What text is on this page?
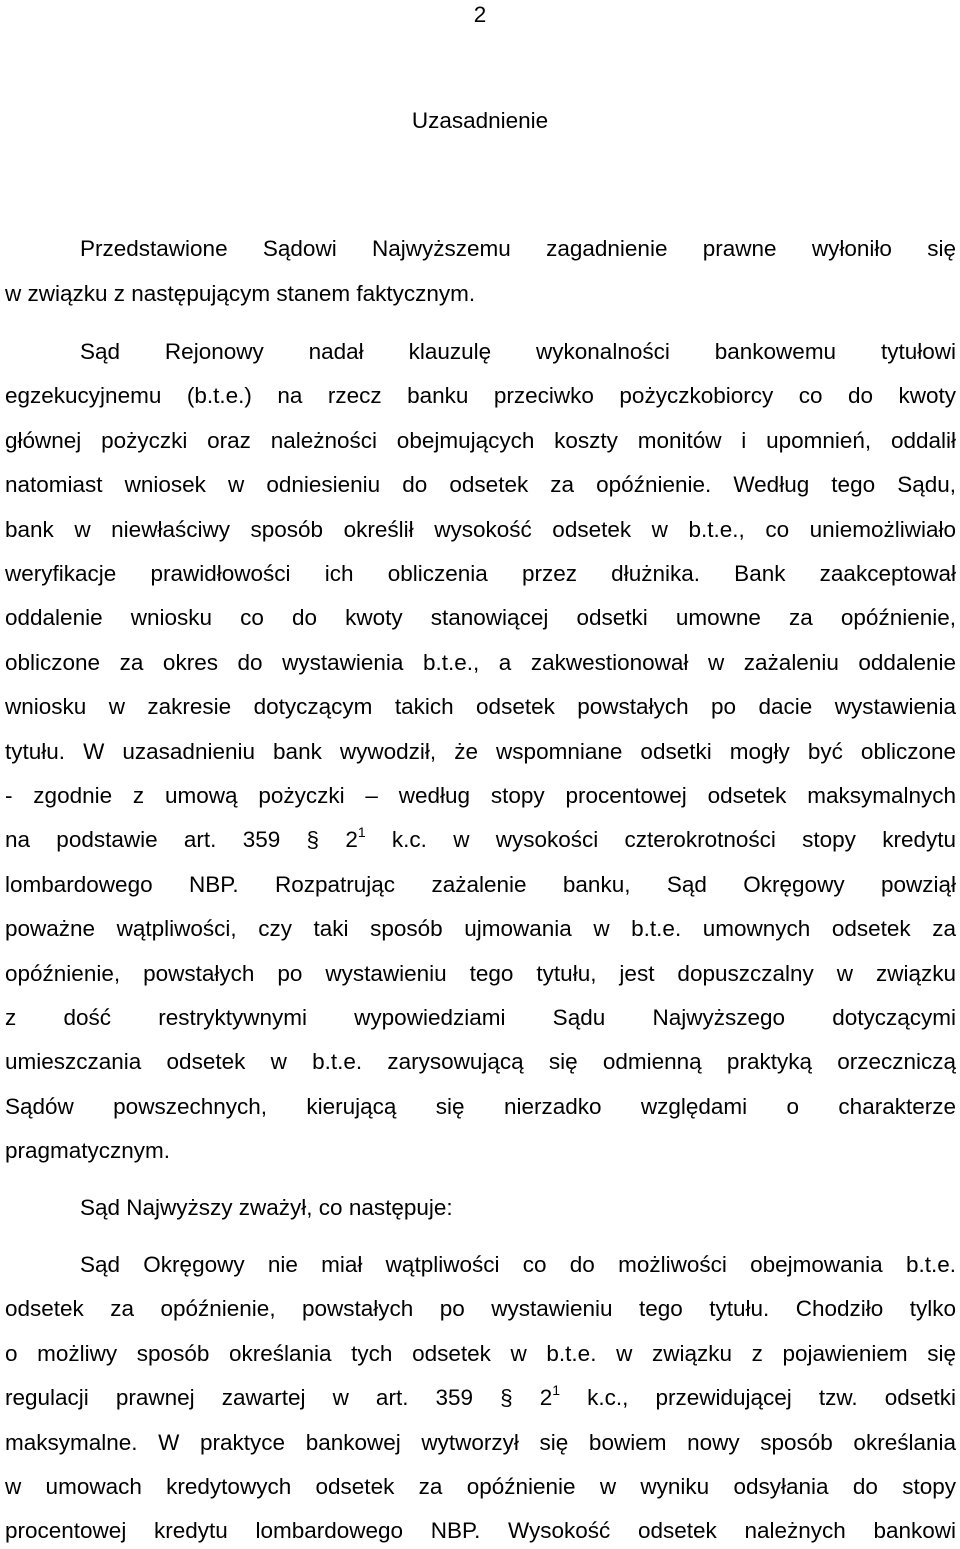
2
Uzasadnienie
Przedstawione Sądowi Najwyższemu zagadnienie prawne wyłoniło się
w związku z następującym stanem faktycznym.
Sąd Rejonowy nadał klauzulę wykonalności bankowemu tytułowi
egzekucyjnemu (b.t.e.) na rzecz banku przeciwko pożyczkobiorcy co do kwoty
głównej pożyczki oraz należności obejmujących koszty monitów i upomnień, oddalił
natomiast wniosek w odniesieniu do odsetek za opóźnienie. Według tego Sądu,
bank w niewłaściwy sposób określił wysokość odsetek w b.t.e., co uniemożliwiało
weryfikacje prawidłowości ich obliczenia przez dłużnika. Bank zaakceptował
oddalenie wniosku co do kwoty stanowiącej odsetki umowne za opóźnienie,
obliczone za okres do wystawienia b.t.e., a zakwestionował w zażaleniu oddalenie
wniosku w zakresie dotyczącym takich odsetek powstałych po dacie wystawienia
tytułu. W uzasadnieniu bank wywodził, że wspomniane odsetki mogły być obliczone
- zgodnie z umową pożyczki – według stopy procentowej odsetek maksymalnych
na podstawie art. 359 § $2^1$ k.c. w wysokości czterokrotności stopy kredytu
lombardowego NBP. Rozpatrując zażalenie banku, Sąd Okręgowy powziął
poważne wątpliwości, czy taki sposób ujmowania w b.t.e. umownych odsetek za
opóźnienie, powstałych po wystawieniu tego tytułu, jest dopuszczalny w związku
z dość restryktywnymi wypowiedziami Sądu Najwyższego dotyczącymi
umieszczania odsetek w b.t.e. zarysowującą się odmienną praktyką orzeczniczą
Sądów powszechnych, kierującą się nierzadko względami o charakterze
pragmatycznym.
Sąd Najwyższy zważył, co następuje:
Sąd Okręgowy nie miał wątpliwości co do możliwości obejmowania b.t.e.
odsetek za opóźnienie, powstałych po wystawieniu tego tytułu. Chodziło tylko
o możliwy sposób określania tych odsetek w b.t.e. w związku z pojawieniem się
regulacji prawnej zawartej w art. 359 § $2^1$ k.c., przewidującej tzw. odsetki
maksymalne. W praktyce bankowej wytworzył się bowiem nowy sposób określania
w umowach kredytowych odsetek za opóźnienie w wyniku odsyłania do stopy
procentowej kredytu lombardowego NBP. Wysokość odsetek należnych bankowi
